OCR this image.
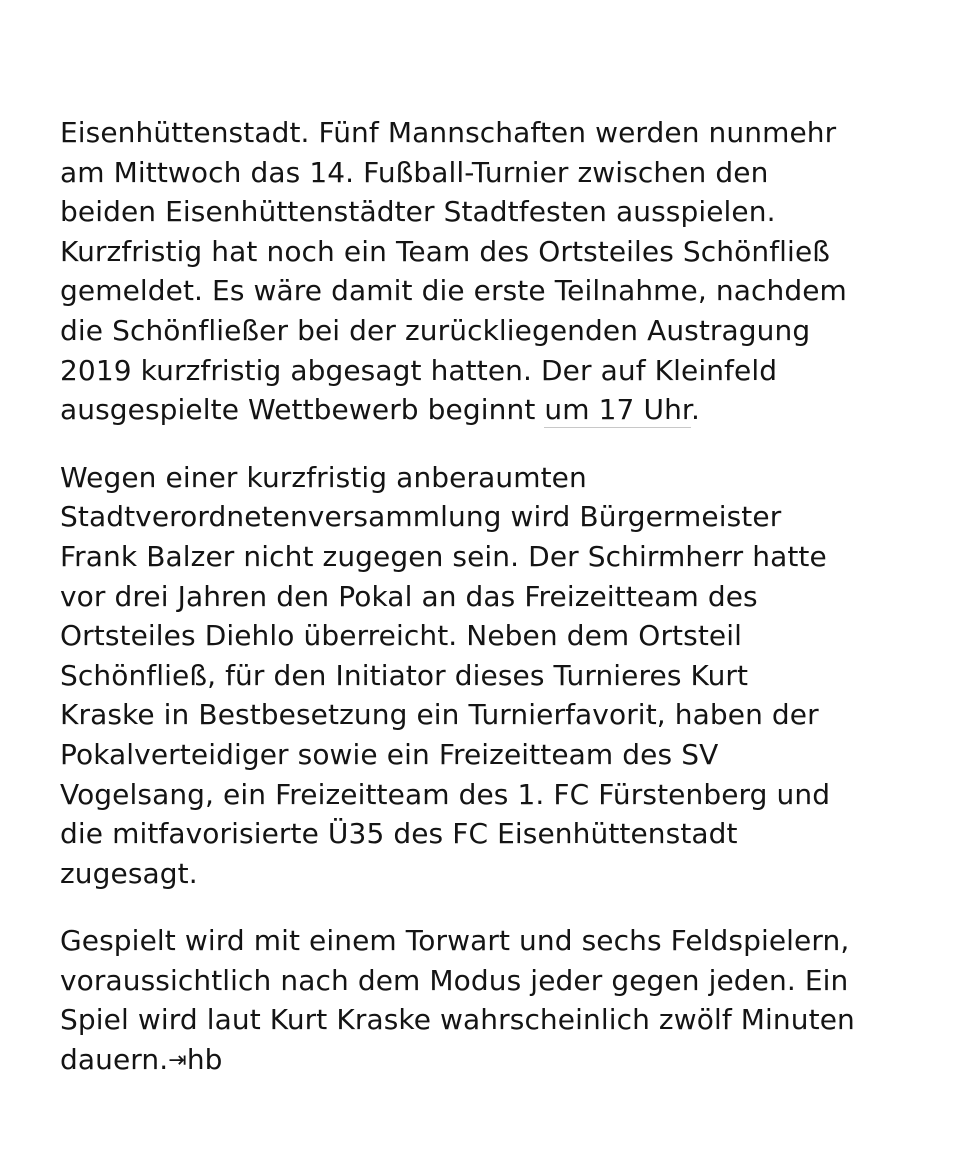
Eisenhüttenstadt. Fünf Mannschaften werden nunmehr
am Mittwoch das 14. Fußball-Turnier zwischen den
beiden Eisenhüttenstädter Stadtfesten ausspielen.
Kurzfristig hat noch ein Team des Ortsteiles Schönfließ
gemeldet. Es wäre damit die erste Teilnahme, nachdem
die Schönfließer bei der zurückliegenden Austragung
2019 kurzfristig abgesagt hatten. Der auf Kleinfeld
ausgespielte Wettbewerb beginnt um 17 Uhr.
Wegen einer kurzfristig anberaumten
Stadtverordnetenversammlung wird Bürgermeister
Frank Balzer nicht zugegen sein. Der Schirmherr hatte
vor drei Jahren den Pokal an das Freizeitteam des
Ortsteiles Diehlo überreicht. Neben dem Ortsteil
Schönfließ, für den Initiator dieses Turnieres Kurt
Kraske in Bestbesetzung ein Turnierfavorit, haben der
Pokalverteidiger sowie ein Freizeitteam des SV
Vogelsang, ein Freizeitteam des 1. FC Fürstenberg und
die mitfavorisierte Ü35 des FC Eisenhüttenstadt
zugesagt.
Gespielt wird mit einem Torwart und sechs Feldspielern,
voraussichtlich nach dem Modus jeder gegen jeden. Ein
Spiel wird laut Kurt Kraske wahrscheinlich zwölf Minuten
dauern.⇥hb
